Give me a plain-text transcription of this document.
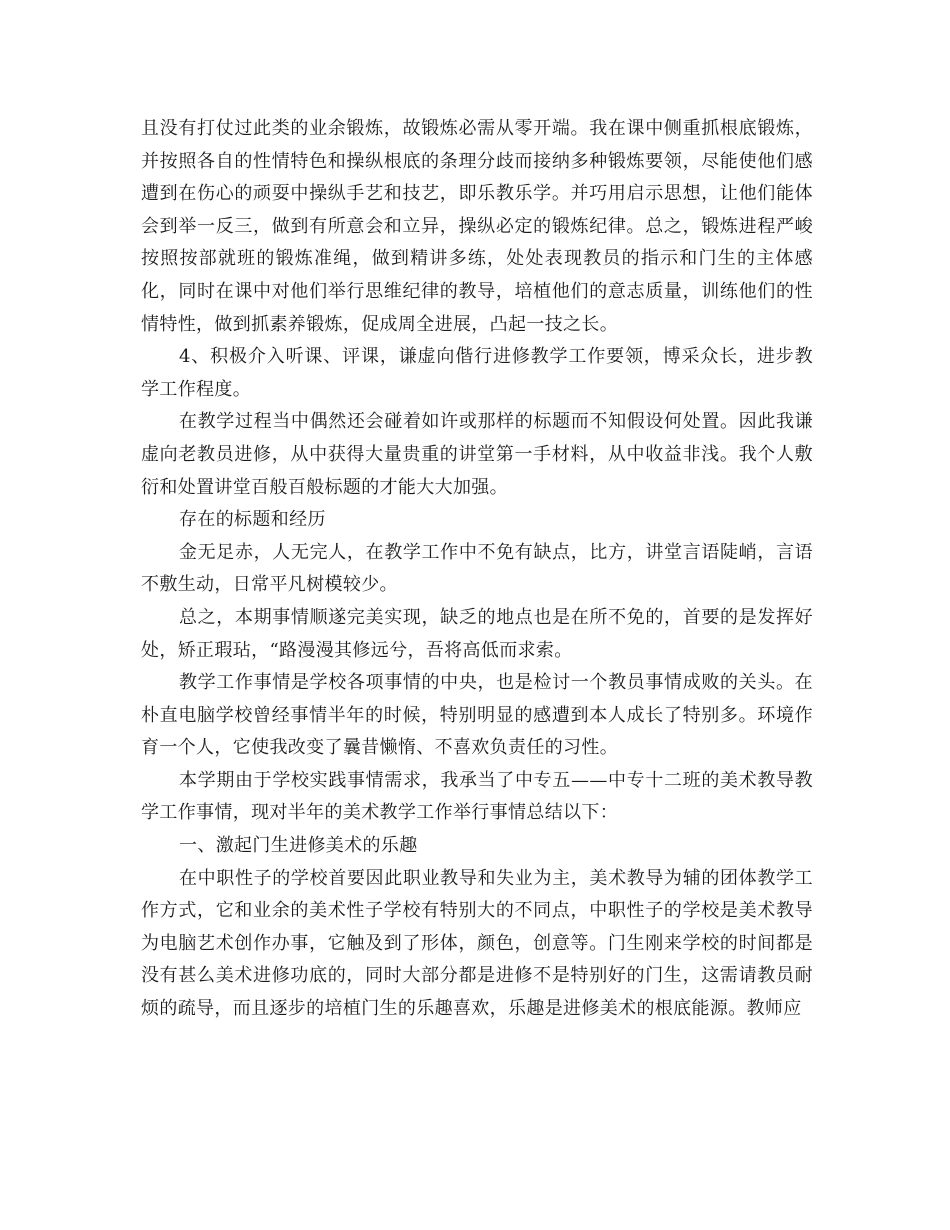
且没有打仗过此类的业余锻炼，故锻炼必需从零开端。我在课中侧重抓根底锻炼，并按照各自的性情特色和操纵根底的条理分歧而接纳多种锻炼要领，尽能使他们感遭到在伤心的顽耍中操纵手艺和技艺，即乐教乐学。并巧用启示思想，让他们能体会到举一反三，做到有所意会和立异，操纵必定的锻炼纪律。总之，锻炼进程严峻按照按部就班的锻炼准绳，做到精讲多练，处处表现教员的指示和门生的主体感化，同时在课中对他们举行思维纪律的教导，培植他们的意志质量，训练他们的性情特性，做到抓素养锻炼，促成周全进展，凸起一技之长。

4、积极介入听课、评课，谦虚向偕行进修教学工作要领，博采众长，进步教学工作程度。

在教学过程当中偶然还会碰着如许或那样的标题而不知假设何处置。因此我谦虚向老教员进修，从中获得大量贵重的讲堂第一手材料，从中收益非浅。我个人敷衍和处置讲堂百般百般标题的才能大大加强。

存在的标题和经历

金无足赤，人无完人，在教学工作中不免有缺点，比方，讲堂言语陡峭，言语不敷生动，日常平凡树模较少。

总之，本期事情顺遂完美实现，缺乏的地点也是在所不免的，首要的是发挥好处，矫正瑕玷，“路漫漫其修远兮，吾将高低而求索。

教学工作事情是学校各项事情的中央，也是检讨一个教员事情成败的关头。在朴直电脑学校曾经事情半年的时候，特别明显的感遭到本人成长了特别多。环境作育一个人，它使我改变了曩昔懒惰、不喜欢负责任的习性。

本学期由于学校实践事情需求，我承当了中专五——中专十二班的美术教导教学工作事情，现对半年的美术教学工作举行事情总结以下：

一、激起门生进修美术的乐趣

在中职性子的学校首要因此职业教导和失业为主，美术教导为辅的团体教学工作方式，它和业余的美术性子学校有特别大的不同点，中职性子的学校是美术教导为电脑艺术创作办事，它触及到了形体，颜色，创意等。门生刚来学校的时间都是没有甚么美术进修功底的，同时大部分都是进修不是特别好的门生，这需请教员耐烦的疏导，而且逐步的培植门生的乐趣喜欢，乐趣是进修美术的根底能源。教师应
